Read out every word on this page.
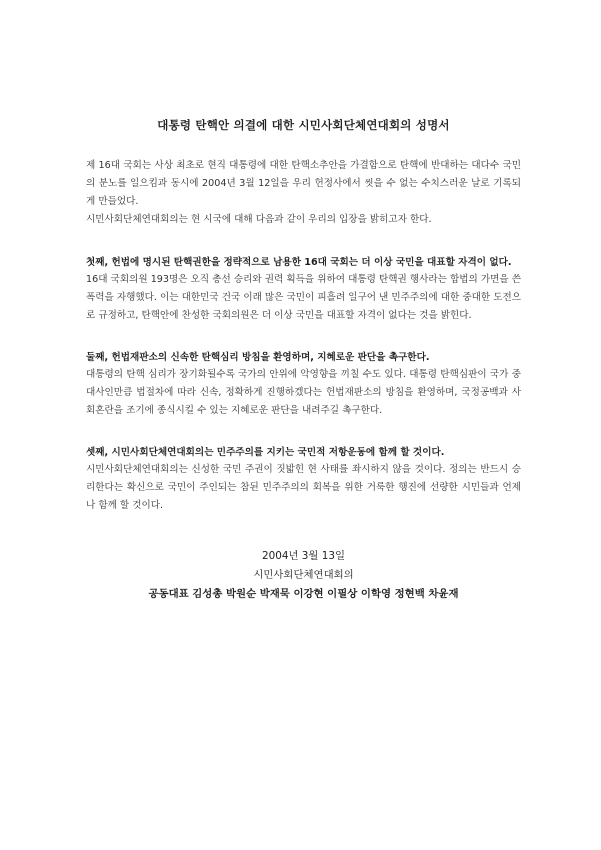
대통령 탄핵안 의결에 대한 시민사회단체연대회의 성명서

제 16대 국회는 사상 최초로 현직 대통령에 대한 탄핵소추안을 가결함으로 탄핵에 반대하는 대다수 국민의 분노를 일으킴과 동시에 2004년 3월 12일을 우리 헌정사에서 씻을 수 없는 수치스러운 날로 기록되게 만들었다.

시민사회단체연대회의는 현 시국에 대해 다음과 같이 우리의 입장을 밝히고자 한다.

첫째, 헌법에 명시된 탄핵권한을 정략적으로 남용한 16대 국회는 더 이상 국민을 대표할 자격이 없다.

16대 국회의원 193명은 오직 총선 승리와 권력 획득을 위하여 대통령 탄핵권 행사라는 합법의 가면을 쓴 폭력을 자행했다. 이는 대한민국 건국 이래 많은 국민이 피흘려 일구어 낸 민주주의에 대한 중대한 도전으로 규정하고, 탄핵안에 찬성한 국회의원은 더 이상 국민을 대표할 자격이 없다는 것을 밝힌다.

둘째, 헌법재판소의 신속한 탄핵심리 방침을 환영하며, 지혜로운 판단을 촉구한다.

대통령의 탄핵 심리가 장기화될수록 국가의 안위에 악영향을 끼칠 수도 있다. 대통령 탄핵심판이 국가 중대사인만큼 법절차에 따라 신속, 정확하게 진행하겠다는 헌법재판소의 방침을 환영하며, 국정공백과 사회혼란을 조기에 종식시킬 수 있는 지혜로운 판단을 내려주길 촉구한다.

셋째, 시민사회단체연대회의는 민주주의를 지키는 국민적 저항운동에 함께 할 것이다.

시민사회단체연대회의는 신성한 국민 주권이 짓밟힌 현 사태를 좌시하지 않을 것이다. 정의는 반드시 승리한다는 확신으로 국민이 주인되는 참된 민주주의의 회복을 위한 거룩한 행진에 선량한 시민들과 언제나 함께 할 것이다.

2004년 3월 13일
시민사회단체연대회의
공동대표 김성총 박원순 박재묵 이강현 이필상 이학영 정현백 차윤재
